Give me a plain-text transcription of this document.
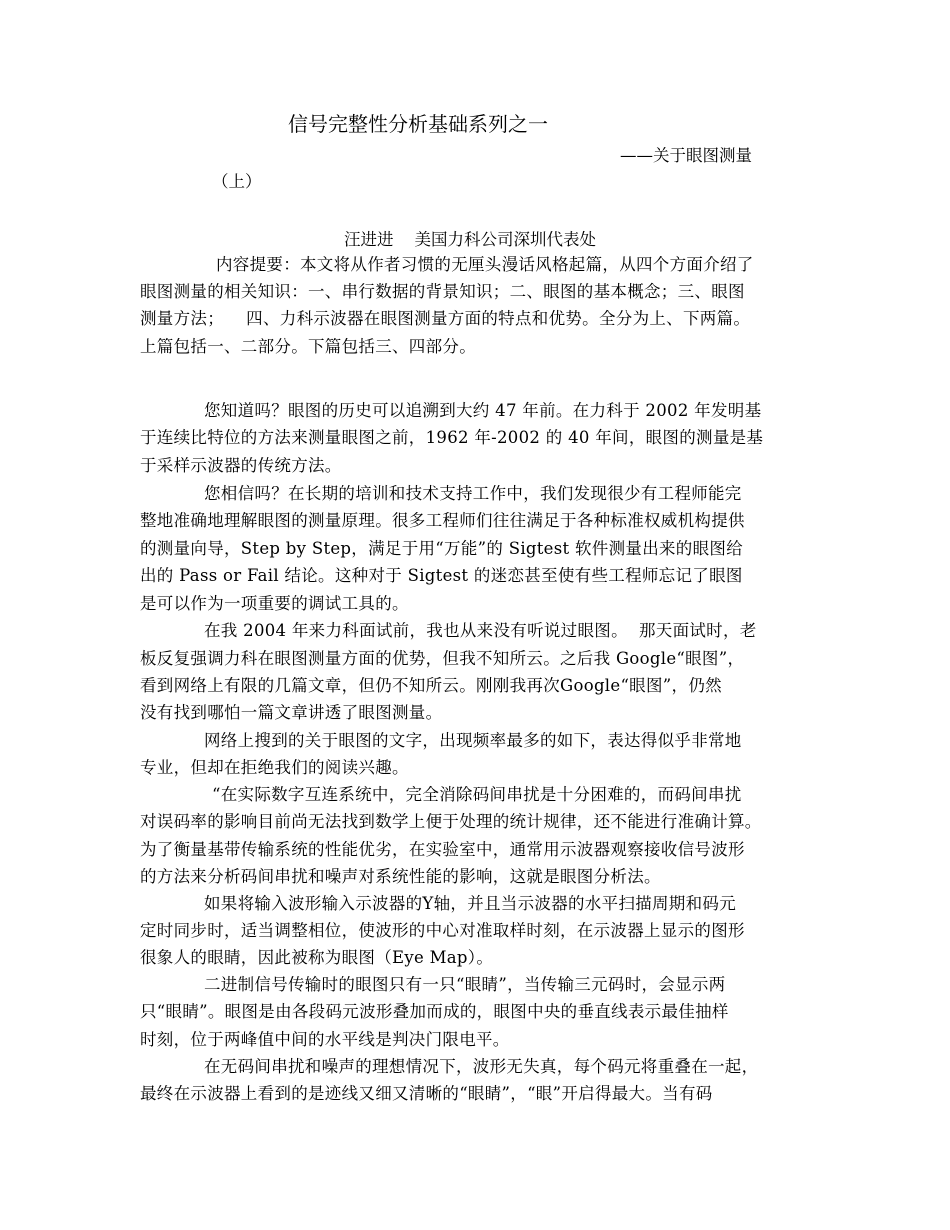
信号完整性分析基础系列之一
——关于眼图测量
（上）
汪进进    美国力科公司深圳代表处
内容提要：本文将从作者习惯的无厘头漫话风格起篇，从四个方面介绍了
眼图测量的相关知识：一、串行数据的背景知识；二、眼图的基本概念；三、眼图
测量方法；    四、力科示波器在眼图测量方面的特点和优势。全分为上、下两篇。
上篇包括一、二部分。下篇包括三、四部分。
您知道吗？眼图的历史可以追溯到大约 47 年前。在力科于 2002 年发明基
于连续比特位的方法来测量眼图之前，1962 年-2002 的 40 年间，眼图的测量是基
于采样示波器的传统方法。
您相信吗？在长期的培训和技术支持工作中，我们发现很少有工程师能完
整地准确地理解眼图的测量原理。很多工程师们往往满足于各种标准权威机构提供
的测量向导，Step by Step，满足于用“万能”的 Sigtest 软件测量出来的眼图给
出的 Pass or Fail 结论。这种对于 Sigtest 的迷恋甚至使有些工程师忘记了眼图
是可以作为一项重要的调试工具的。
在我 2004 年来力科面试前，我也从来没有听说过眼图。  那天面试时，老
板反复强调力科在眼图测量方面的优势，但我不知所云。之后我 Google“眼图”，
看到网络上有限的几篇文章，但仍不知所云。刚刚我再次Google“眼图”，仍然
没有找到哪怕一篇文章讲透了眼图测量。
网络上搜到的关于眼图的文字，出现频率最多的如下，表达得似乎非常地
专业，但却在拒绝我们的阅读兴趣。
“在实际数字互连系统中，完全消除码间串扰是十分困难的，而码间串扰
对误码率的影响目前尚无法找到数学上便于处理的统计规律，还不能进行准确计算。
为了衡量基带传输系统的性能优劣，在实验室中，通常用示波器观察接收信号波形
的方法来分析码间串扰和噪声对系统性能的影响，这就是眼图分析法。
如果将输入波形输入示波器的Y轴，并且当示波器的水平扫描周期和码元
定时同步时，适当调整相位，使波形的中心对准取样时刻，在示波器上显示的图形
很象人的眼睛，因此被称为眼图（Eye Map）。
二进制信号传输时的眼图只有一只“眼睛”，当传输三元码时，会显示两
只“眼睛”。眼图是由各段码元波形叠加而成的，眼图中央的垂直线表示最佳抽样
时刻，位于两峰值中间的水平线是判决门限电平。
在无码间串扰和噪声的理想情况下，波形无失真，每个码元将重叠在一起，
最终在示波器上看到的是迹线又细又清晰的“眼睛”，“眼”开启得最大。当有码
